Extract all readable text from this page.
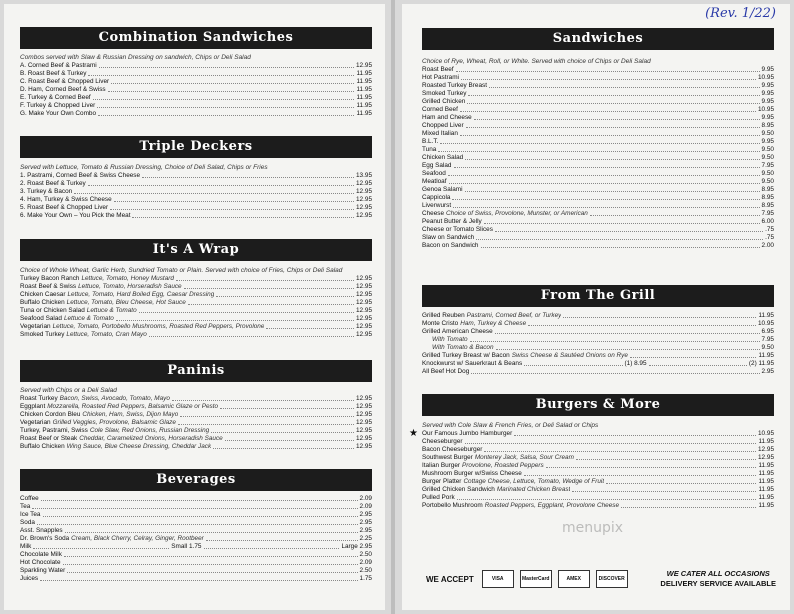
(Rev. 1/22)
Combination Sandwiches
Combos served with Slaw & Russian Dressing on sandwich, Chips or Deli Salad
A. Corned Beef & Pastrami	12.95
B. Roast Beef & Turkey	11.95
C. Roast Beef & Chopped Liver	11.95
D. Ham, Corned Beef & Swiss	11.95
E. Turkey & Corned Beef	11.95
F. Turkey & Chopped Liver	11.95
G. Make Your Own Combo	11.95
Triple Deckers
Served with Lettuce, Tomato & Russian Dressing, Choice of Deli Salad, Chips or Fries
1. Pastrami, Corned Beef & Swiss Cheese	13.95
2. Roast Beef & Turkey	12.95
3. Turkey & Bacon	12.95
4. Ham, Turkey & Swiss Cheese	12.95
5. Roast Beef & Chopped Liver	12.95
6. Make Your Own – You Pick the Meat	12.95
It's A Wrap
Choice of Whole Wheat, Garlic Herb, Sundried Tomato or Plain. Served with choice of Fries, Chips or Deli Salad
Turkey Bacon Ranch Lettuce, Tomato, Honey Mustard	12.95
Roast Beef & Swiss Lettuce, Tomato, Horseradish Sauce	12.95
Chicken Caesar Lettuce, Tomato, Hard Boiled Egg, Caesar Dressing	12.95
Buffalo Chicken Lettuce, Tomato, Bleu Cheese, Hot Sauce	12.95
Tuna or Chicken Salad Lettuce & Tomato	12.95
Seafood Salad Lettuce & Tomato	12.95
Vegetarian Lettuce, Tomato, Portobello Mushrooms, Roasted Red Peppers, Provolone	12.95
Smoked Turkey Lettuce, Tomato, Cran Mayo	12.95
Paninis
Served with Chips or a Deli Salad
Roast Turkey Bacon, Swiss, Avocado, Tomato, Mayo	12.95
Eggplant Mozzarella, Roasted Red Peppers, Balsamic Glaze or Pesto	12.95
Chicken Cordon Bleu Chicken, Ham, Swiss, Dijon Mayo	12.95
Vegetarian Grilled Veggies, Provolone, Balsamic Glaze	12.95
Turkey, Pastrami, Swiss Cole Slaw, Red Onions, Russian Dressing	12.95
Roast Beef or Steak Cheddar, Caramelized Onions, Horseradish Sauce	12.95
Buffalo Chicken Wing Sauce, Blue Cheese Dressing, Cheddar Jack	12.95
Beverages
Coffee	2.09
Tea	2.09
Ice Tea	2.95
Soda	2.95
Asst. Snapples	2.95
Dr. Brown's Soda Cream, Black Cherry, Celray, Ginger, Rootbeer	2.25
Milk	Small 1.75	Large 2.95
Chocolate Milk	2.50
Hot Chocolate	2.09
Sparkling Water	2.50
Juices	1.75
Sandwiches
Choice of Rye, Wheat, Roll, or White. Served with choice of Chips or Deli Salad
Roast Beef	9.95
Hot Pastrami	10.95
Roasted Turkey Breast	9.95
Smoked Turkey	9.95
Grilled Chicken	9.95
Corned Beef	10.95
Ham and Cheese	9.95
Chopped Liver	8.95
Mixed Italian	9.50
B.L.T.	9.95
Tuna	9.50
Chicken Salad	9.50
Egg Salad	7.95
Seafood	9.50
Meatloaf	9.50
Genoa Salami	8.95
Cappicola	8.95
Liverwurst	8.95
Cheese Choice of Swiss, Provolone, Munster, or American	7.95
Peanut Butter & Jelly	6.00
Cheese or Tomato Slices	.75
Slaw on Sandwich	.75
Bacon on Sandwich	2.00
From The Grill
Grilled Reuben Pastrami, Corned Beef, or Turkey	11.95
Monte Cristo Ham, Turkey & Cheese	10.95
Grilled American Cheese	6.95
With Tomato	7.95
With Tomato & Bacon	9.50
Grilled Turkey Breast w/ Bacon Swiss Cheese & Sautéed Onions on Rye	11.95
Knockwurst w/ Sauerkraut & Beans	(1) 8.95	(2) 11.95
All Beef Hot Dog	2.95
Burgers & More
Served with Cole Slaw & French Fries, or Deli Salad or Chips
★ Our Famous Jumbo Hamburger	10.95
Cheeseburger	11.95
Bacon Cheeseburger	12.95
Southwest Burger Monterey Jack, Salsa, Sour Cream	12.95
Italian Burger Provolone, Roasted Peppers	11.95
Mushroom Burger w/Swiss Cheese	11.95
Burger Platter Cottage Cheese, Lettuce, Tomato, Wedge of Fruit	11.95
Grilled Chicken Sandwich Marinated Chicken Breast	11.95
Pulled Pork	11.95
Portobello Mushroom Roasted Peppers, Eggplant, Provolone Cheese	11.95
menupix
WE ACCEPT	VISA	MasterCard	AMEX	DISCOVER
WE CATER ALL OCCASIONS
DELIVERY SERVICE AVAILABLE
